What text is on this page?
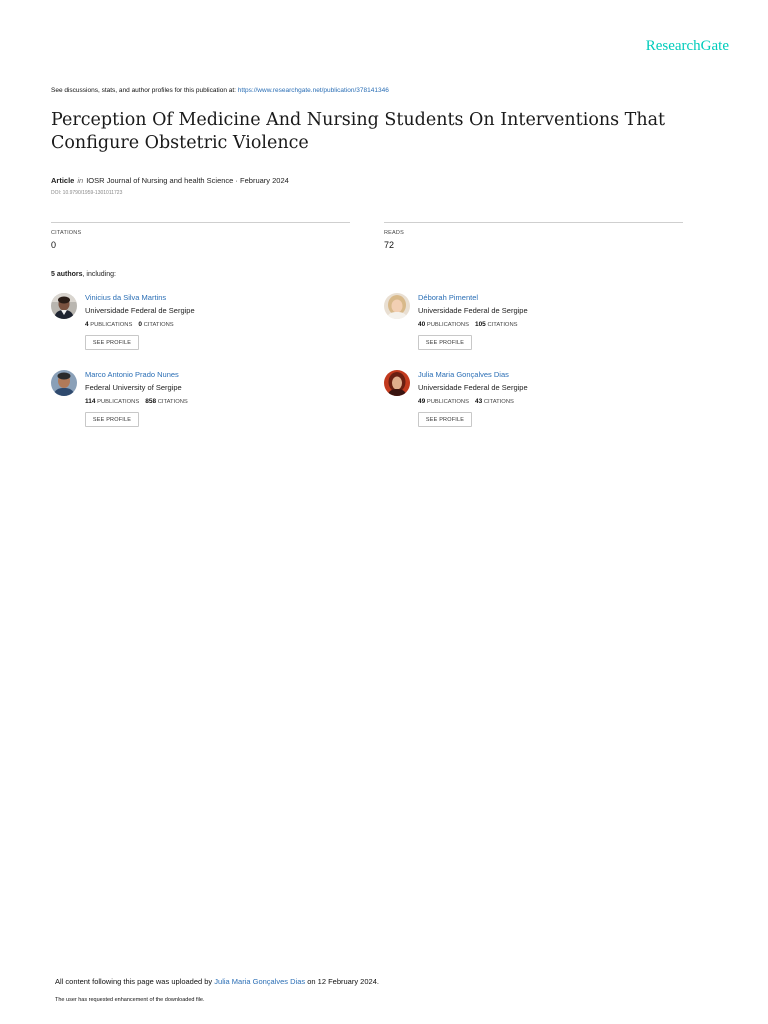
ResearchGate
See discussions, stats, and author profiles for this publication at: https://www.researchgate.net/publication/378141346
Perception Of Medicine And Nursing Students On Interventions That Configure Obstetric Violence
Article in IOSR Journal of Nursing and health Science · February 2024
DOI: 10.9790/1959-1301011723
CITATIONS
0
READS
72
5 authors, including:
Vinicius da Silva Martins
Universidade Federal de Sergipe
4 PUBLICATIONS 0 CITATIONS
SEE PROFILE
Déborah Pimentel
Universidade Federal de Sergipe
40 PUBLICATIONS 105 CITATIONS
SEE PROFILE
Marco Antonio Prado Nunes
Federal University of Sergipe
114 PUBLICATIONS 858 CITATIONS
SEE PROFILE
Julia Maria Gonçalves Dias
Universidade Federal de Sergipe
49 PUBLICATIONS 43 CITATIONS
SEE PROFILE
All content following this page was uploaded by Julia Maria Gonçalves Dias on 12 February 2024.
The user has requested enhancement of the downloaded file.
